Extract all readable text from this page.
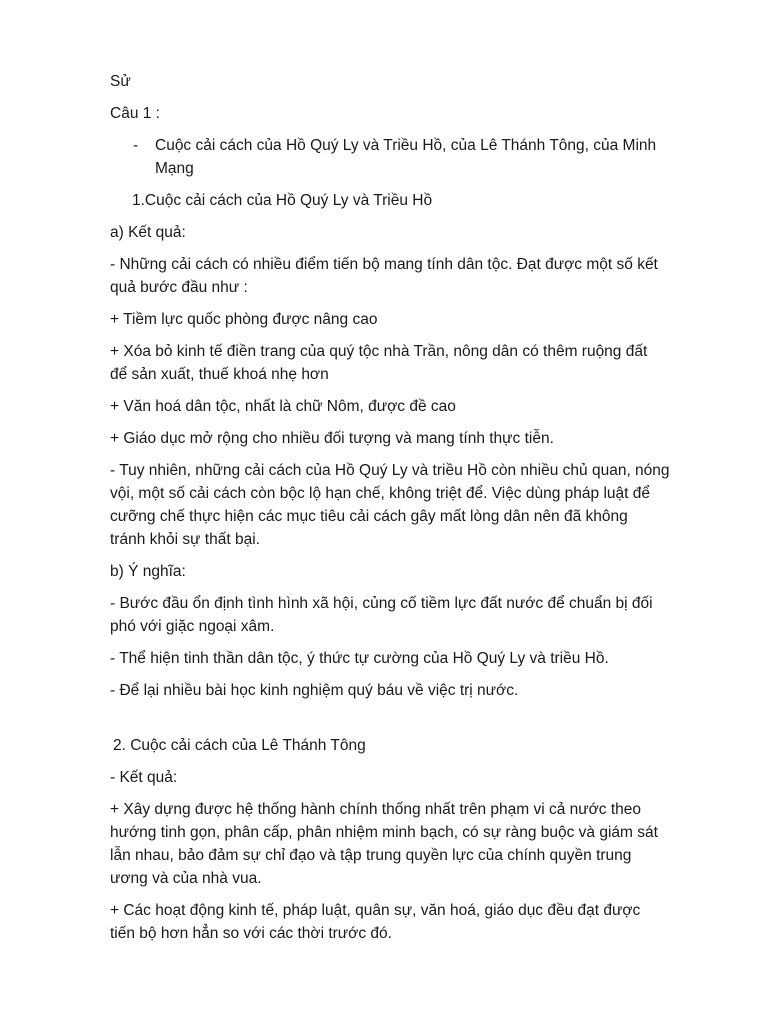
Sử

Câu 1 :

-	Cuộc cải cách của Hồ Quý Ly và Triều Hồ, của Lê Thánh Tông, của Minh
Mạng

1.Cuộc cải cách của Hồ Quý Ly và Triều Hồ

a) Kết quả:

- Những cải cách có nhiều điểm tiến bộ mang tính dân tộc. Đạt được một số kết
quả bước đầu như :

+ Tiềm lực quốc phòng được nâng cao

+ Xóa bỏ kinh tế điền trang của quý tộc nhà Trần, nông dân có thêm ruộng đất
để sản xuất, thuế khoá nhẹ hơn

+ Văn hoá dân tộc, nhất là chữ Nôm, được đề cao

+ Giáo dục mở rộng cho nhiều đối tượng và mang tính thực tiễn.

- Tuy nhiên, những cải cách của Hồ Quý Ly và triều Hồ còn nhiều chủ quan, nóng
vội, một số cải cách còn bộc lộ hạn chế, không triệt để. Việc dùng pháp luật để
cưỡng chế thực hiện các mục tiêu cải cách gây mất lòng dân nên đã không
tránh khỏi sự thất bại.

b) Ý nghĩa:

- Bước đầu ổn định tình hình xã hội, củng cố tiềm lực đất nước để chuẩn bị đối
phó với giặc ngoại xâm.

- Thể hiện tinh thần dân tộc, ý thức tự cường của Hồ Quý Ly và triều Hồ.

- Để lại nhiều bài học kinh nghiệm quý báu về việc trị nước.

2. Cuộc cải cách của Lê Thánh Tông

- Kết quả:

+ Xây dựng được hệ thống hành chính thống nhất trên phạm vi cả nước theo
hướng tinh gọn, phân cấp, phân nhiệm minh bạch, có sự ràng buộc và giám sát
lẫn nhau, bảo đảm sự chỉ đạo và tập trung quyền lực của chính quyền trung
ương và của nhà vua.

+ Các hoạt động kinh tế, pháp luật, quân sự, văn hoá, giáo dục đều đạt được
tiến bộ hơn hẳn so với các thời trước đó.
